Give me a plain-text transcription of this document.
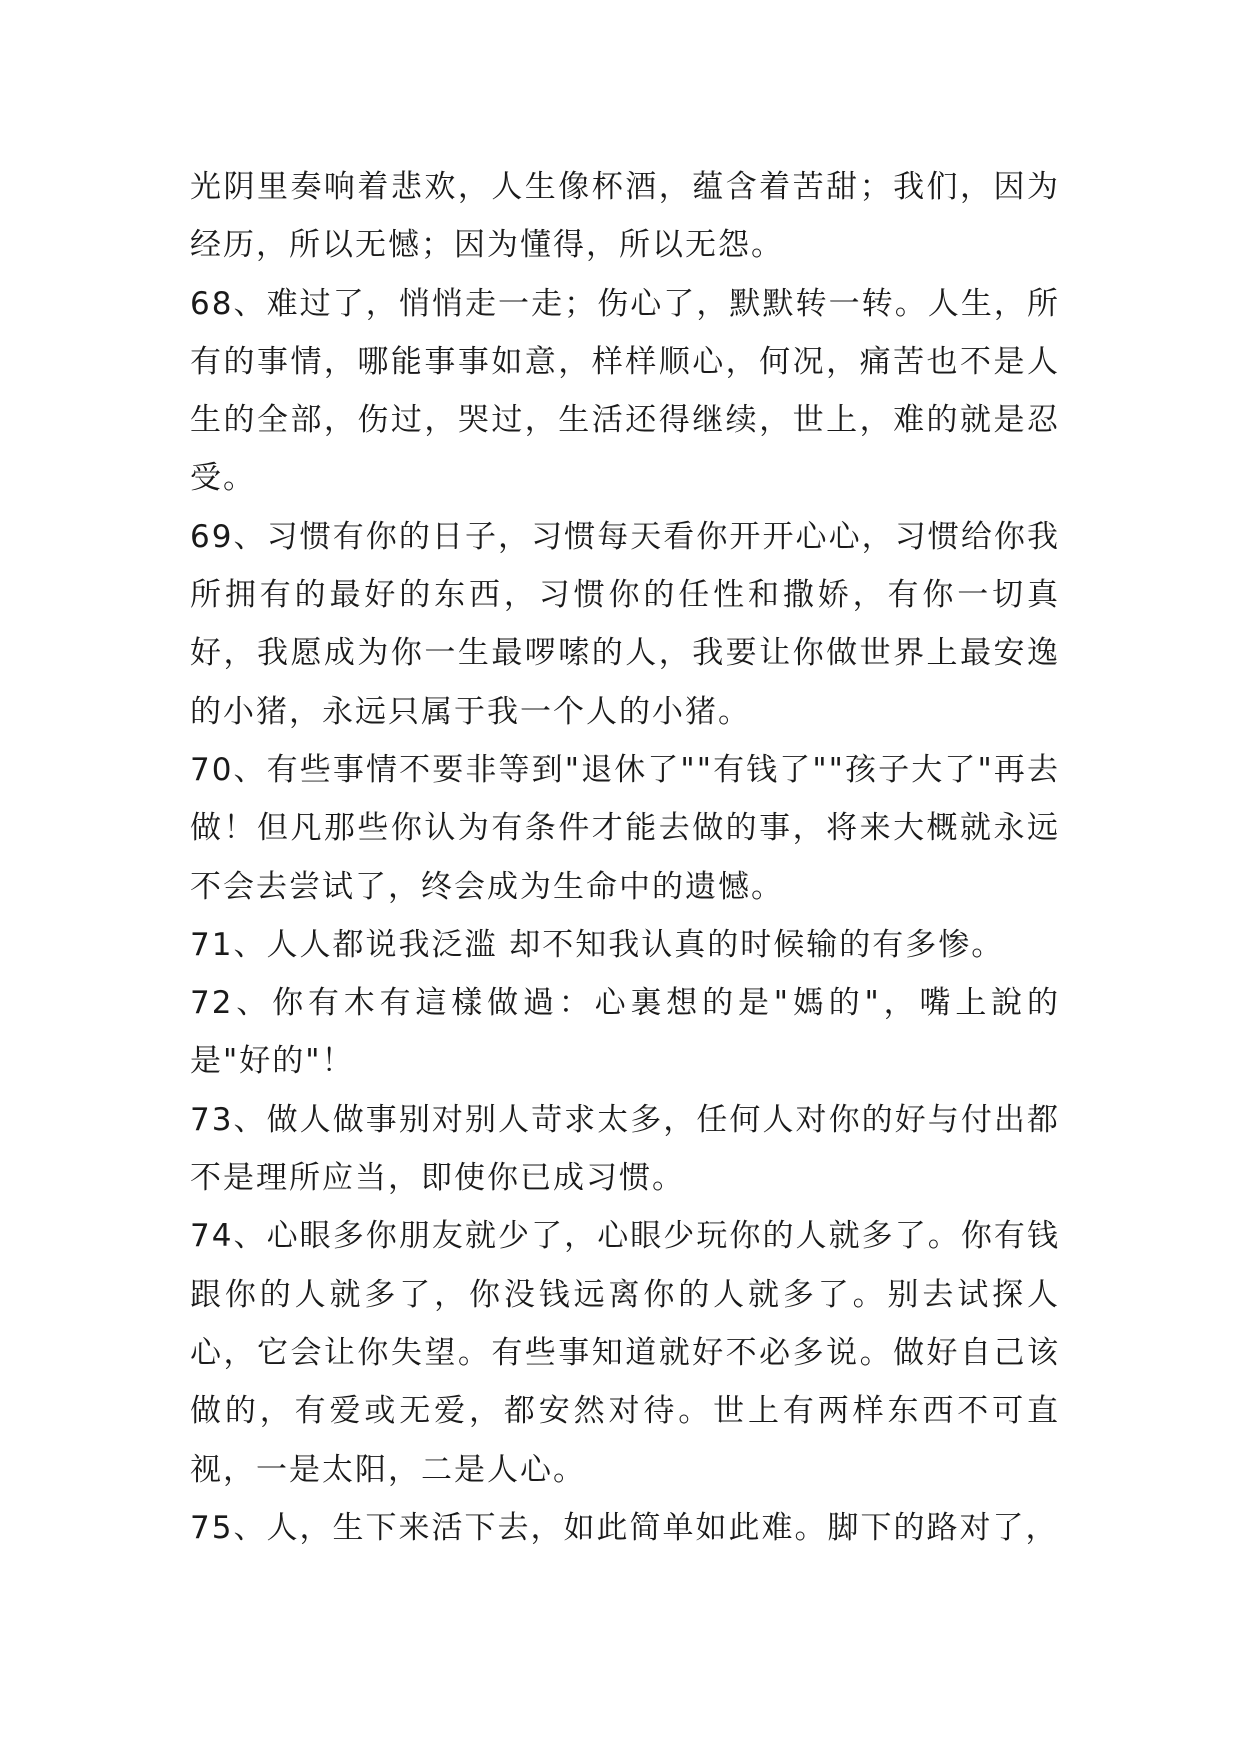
光阴里奏响着悲欢，人生像杯酒，蕴含着苦甜；我们，因为经历，所以无憾；因为懂得，所以无怨。

68、难过了，悄悄走一走；伤心了，默默转一转。人生，所有的事情，哪能事事如意，样样顺心，何况，痛苦也不是人生的全部，伤过，哭过，生活还得继续，世上，难的就是忍受。

69、习惯有你的日子，习惯每天看你开开心心，习惯给你我所拥有的最好的东西，习惯你的任性和撒娇，有你一切真好，我愿成为你一生最啰嗦的人，我要让你做世界上最安逸的小猪，永远只属于我一个人的小猪。

70、有些事情不要非等到"退休了""有钱了""孩子大了"再去做！但凡那些你认为有条件才能去做的事，将来大概就永远不会去尝试了，终会成为生命中的遗憾。

71、人人都说我泛滥 却不知我认真的时候输的有多惨。

72、你有木有這樣做過：心裏想的是"媽的"，嘴上說的是"好的"！

73、做人做事别对别人苛求太多，任何人对你的好与付出都不是理所应当，即使你已成习惯。

74、心眼多你朋友就少了，心眼少玩你的人就多了。你有钱跟你的人就多了，你没钱远离你的人就多了。别去试探人心，它会让你失望。有些事知道就好不必多说。做好自己该做的，有爱或无爱，都安然对待。世上有两样东西不可直视，一是太阳，二是人心。

75、人，生下来活下去，如此简单如此难。脚下的路对了，
